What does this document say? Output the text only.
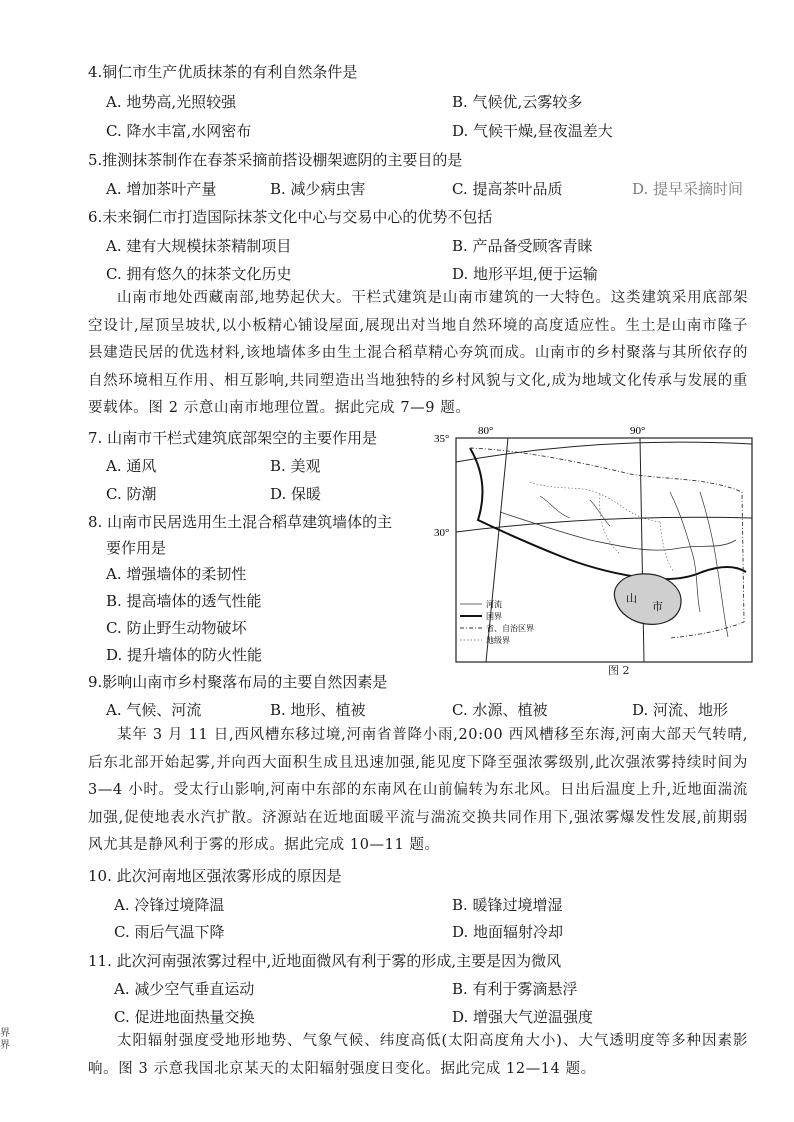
4.铜仁市生产优质抹茶的有利自然条件是
A. 地势高,光照较强	B. 气候优,云雾较多
C. 降水丰富,水网密布	D. 气候干燥,昼夜温差大
5.推测抹茶制作在春茶采摘前搭设棚架遮阴的主要目的是
A. 增加茶叶产量	B. 减少病虫害	C. 提高茶叶品质	D. 提早采摘时间
6.未来铜仁市打造国际抹茶文化中心与交易中心的优势不包括
A. 建有大规模抹茶精制项目	B. 产品备受顾客青睐
C. 拥有悠久的抹茶文化历史	D. 地形平坦,便于运输
山南市地处西藏南部,地势起伏大。干栏式建筑是山南市建筑的一大特色。这类建筑采用底部架空设计,屋顶呈坡状,以小板精心铺设屋面,展现出对当地自然环境的高度适应性。生土是山南市隆子县建造民居的优选材料,该地墙体多由生土混合稻草精心夯筑而成。山南市的乡村聚落与其所依存的自然环境相互作用、相互影响,共同塑造出当地独特的乡村风貌与文化,成为地域文化传承与发展的重要载体。图 2 示意山南市地理位置。据此完成 7—9 题。
7. 山南市干栏式建筑底部架空的主要作用是
A. 通风	B. 美观
C. 防潮	D. 保暖
8. 山南市民居选用生土混合稻草建筑墙体的主
要作用是
A. 增强墙体的柔韧性
B. 提高墙体的透气性能
C. 防止野生动物破坏
D. 提升墙体的防火性能
80°	90°
35°
30°
山
市
河流
国界
省、自治区界
地级界
图 2
9.影响山南市乡村聚落布局的主要自然因素是
A. 气候、河流	B. 地形、植被	C. 水源、植被	D. 河流、地形
某年 3 月 11 日,西风槽东移过境,河南省普降小雨,20:00 西风槽移至东海,河南大部天气转晴,后东北部开始起雾,并向西大面积生成且迅速加强,能见度下降至强浓雾级别,此次强浓雾持续时间为 3—4 小时。受太行山影响,河南中东部的东南风在山前偏转为东北风。日出后温度上升,近地面湍流加强,促使地表水汽扩散。济源站在近地面暖平流与湍流交换共同作用下,强浓雾爆发性发展,前期弱风尤其是静风利于雾的形成。据此完成 10—11 题。
10. 此次河南地区强浓雾形成的原因是
A. 冷锋过境降温	B. 暖锋过境增湿
C. 雨后气温下降	D. 地面辐射冷却
11. 此次河南强浓雾过程中,近地面微风有利于雾的形成,主要是因为微风
A. 减少空气垂直运动	B. 有利于雾滴悬浮
C. 促进地面热量交换	D. 增强大气逆温强度
太阳辐射强度受地形地势、气象气候、纬度高低(太阳高度角大小)、大气透明度等多种因素影响。图 3 示意我国北京某天的太阳辐射强度日变化。据此完成 12—14 题。
界
界
